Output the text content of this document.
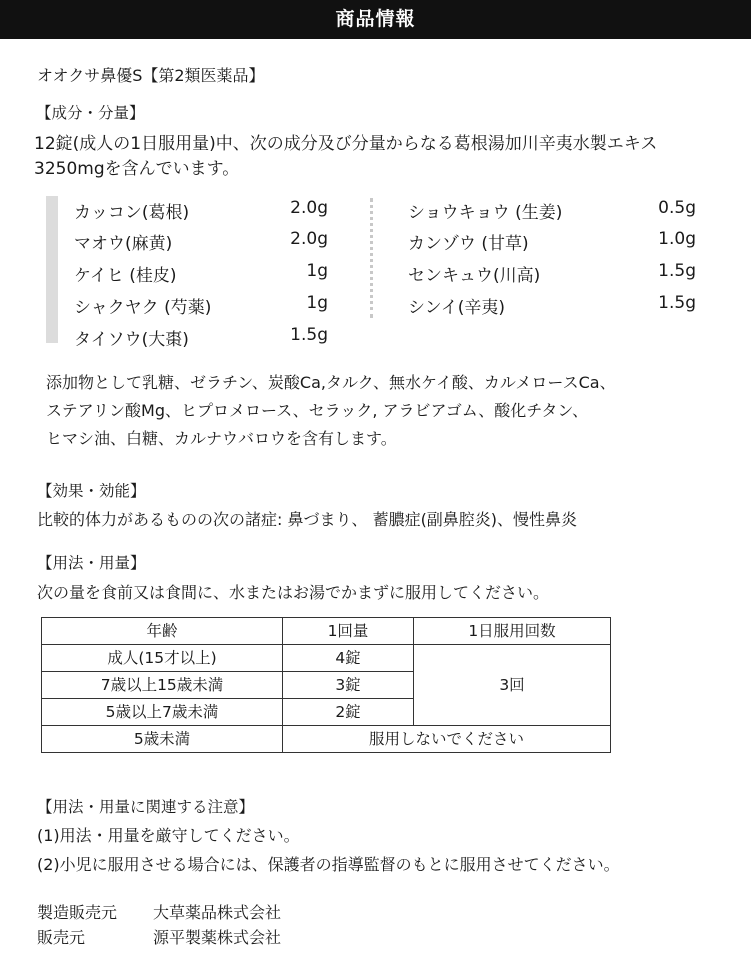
商品情報
オオクサ鼻優S【第2類医薬品】
【成分・分量】
12錠(成人の1日服用量)中、次の成分及び分量からなる葛根湯加川辛夷水製エキス
3250mgを含んでいます。
カッコン(葛根)	2.0g
マオウ(麻黄)	2.0g
ケイヒ (桂皮)	1g
シャクヤク (芍薬)	1g
タイソウ(大棗)	1.5g
ショウキョウ (生姜)	0.5g
カンゾウ (甘草)	1.0g
センキュウ(川高)	1.5g
シンイ(辛夷)	1.5g
添加物として乳糖、ゼラチン、炭酸Ca,タルク、無水ケイ酸、カルメロースCa、
ステアリン酸Mg、ヒプロメロース、セラック, アラビアゴム、酸化チタン、
ヒマシ油、白糖、カルナウバロウを含有します。
【効果・効能】
比較的体力があるものの次の諸症: 鼻づまり、 蓄膿症(副鼻腔炎)、慢性鼻炎
【用法・用量】
次の量を食前又は食間に、水またはお湯でかまずに服用してください。
年齢	1回量	1日服用回数
成人(15才以上)	4錠	3回
7歳以上15歳未満	3錠	
5歳以上7歳未満	2錠	
5歳未満	服用しないでください	
【用法・用量に関連する注意】
(1)用法・用量を厳守してください。
(2)小児に服用させる場合には、保護者の指導監督のもとに服用させてください。
製造販売元 大草薬品株式会社
販売元	源平製薬株式会社
